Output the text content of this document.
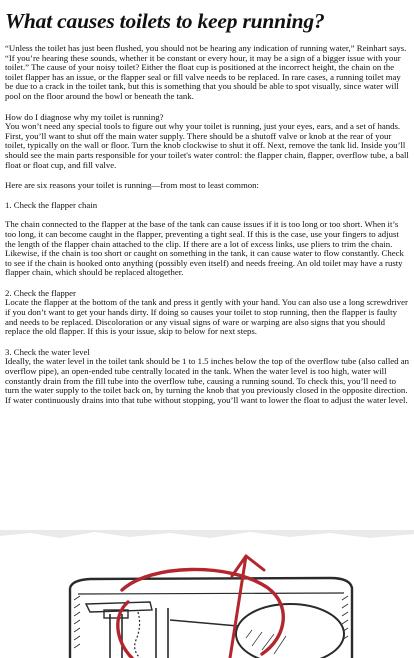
What causes toilets to keep running?

“Unless the toilet has just been flushed, you should not be hearing any indication of running water,” Reinhart says. “If you’re hearing these sounds, whether it be constant or every hour, it may be a sign of a bigger issue with your toilet.” The cause of your noisy toilet? Either the float cup is positioned at the incorrect height, the chain on the toilet flapper has an issue, or the flapper seal or fill valve needs to be replaced. In rare cases, a running toilet may be due to a crack in the toilet tank, but this is something that you should be able to spot visually, since water will pool on the floor around the bowl or beneath the tank.

How do I diagnose why my toilet is running?

You won’t need any special tools to figure out why your toilet is running, just your eyes, ears, and a set of hands. First, you’ll want to shut off the main water supply. There should be a shutoff valve or knob at the rear of your toilet, typically on the wall or floor. Turn the knob clockwise to shut it off. Next, remove the tank lid. Inside you’ll should see the main parts responsible for your toilet's water control: the flapper chain, flapper, overflow tube, a ball float or float cup, and fill valve.

Here are six reasons your toilet is running—from most to least common:

1. Check the flapper chain

The chain connected to the flapper at the base of the tank can cause issues if it is too long or too short. When it’s too long, it can become caught in the flapper, preventing a tight seal. If this is the case, use your fingers to adjust the length of the flapper chain attached to the clip. If there are a lot of excess links, use pliers to trim the chain. Likewise, if the chain is too short or caught on something in the tank, it can cause water to flow constantly. Check to see if the chain is hooked onto anything (possibly even itself) and needs freeing. An old toilet may have a rusty flapper chain, which should be replaced altogether.

2. Check the flapper

Locate the flapper at the bottom of the tank and press it gently with your hand. You can also use a long screwdriver if you don’t want to get your hands dirty. If doing so causes your toilet to stop running, then the flapper is faulty and needs to be replaced. Discoloration or any visual signs of ware or warping are also signs that you should replace the old flapper. If this is your issue, skip to below for next steps.

3. Check the water level

Ideally, the water level in the toilet tank should be 1 to 1.5 inches below the top of the overflow tube (also called an overflow pipe), an open-ended tube centrally located in the tank. When the water level is too high, water will constantly drain from the fill tube into the overflow tube, causing a running sound. To check this, you’ll need to turn the water supply to the toilet back on, by turning the knob that you previously closed in the opposite direction. If water continuously drains into that tube without stopping, you’ll want to lower the float to adjust the water level.
